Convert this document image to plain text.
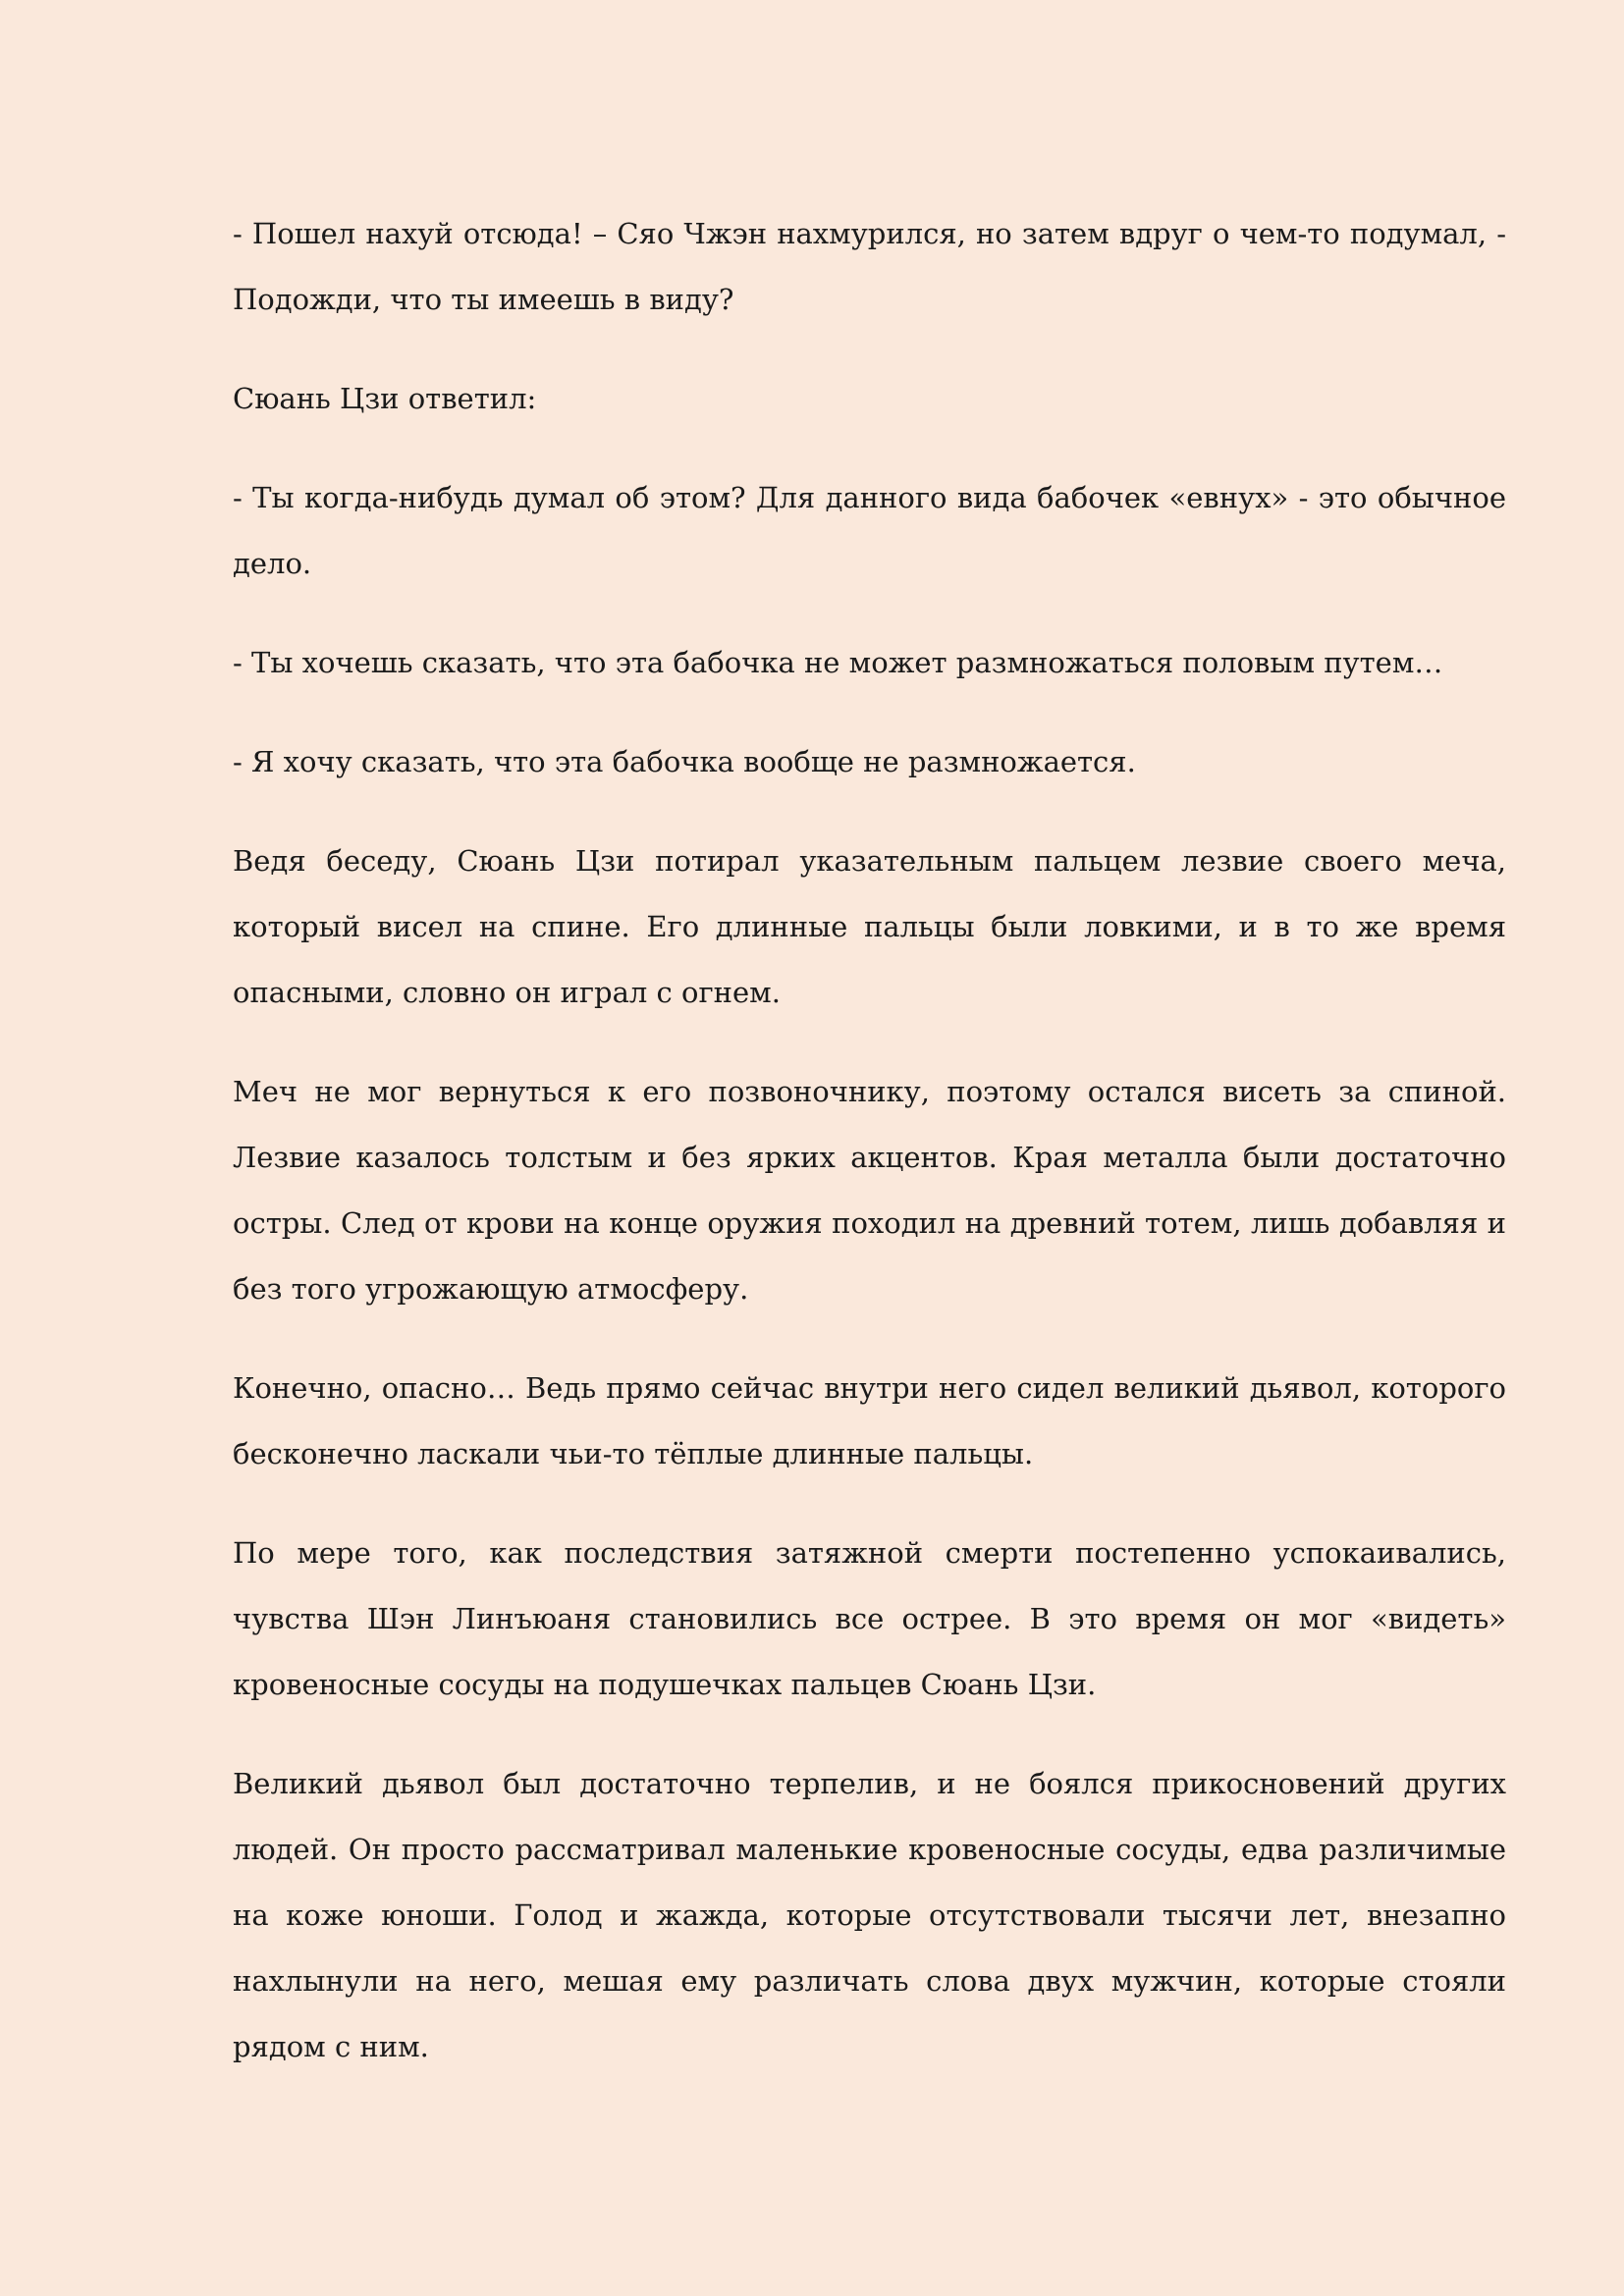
- Пошел нахуй отсюда! – Сяо Чжэн нахмурился, но затем вдруг о чем-то подумал, - Подожди, что ты имеешь в виду?

Сюань Цзи ответил:

- Ты когда-нибудь думал об этом? Для данного вида бабочек «евнух» - это обычное дело.

- Ты хочешь сказать, что эта бабочка не может размножаться половым путем…

- Я хочу сказать, что эта бабочка вообще не размножается.

Ведя беседу, Сюань Цзи потирал указательным пальцем лезвие своего меча, который висел на спине. Его длинные пальцы были ловкими, и в то же время опасными, словно он играл с огнем.

Меч не мог вернуться к его позвоночнику, поэтому остался висеть за спиной. Лезвие казалось толстым и без ярких акцентов. Края металла были достаточно остры. След от крови на конце оружия походил на древний тотем, лишь добавляя и без того угрожающую атмосферу.

Конечно, опасно… Ведь прямо сейчас внутри него сидел великий дьявол, которого бесконечно ласкали чьи-то тёплые длинные пальцы.

По мере того, как последствия затяжной смерти постепенно успокаивались, чувства Шэн Линъюаня становились все острее. В это время он мог «видеть» кровеносные сосуды на подушечках пальцев Сюань Цзи.

Великий дьявол был достаточно терпелив, и не боялся прикосновений других людей. Он просто рассматривал маленькие кровеносные сосуды, едва различимые на коже юноши. Голод и жажда, которые отсутствовали тысячи лет, внезапно нахлынули на него, мешая ему различать слова двух мужчин, которые стояли рядом с ним.
